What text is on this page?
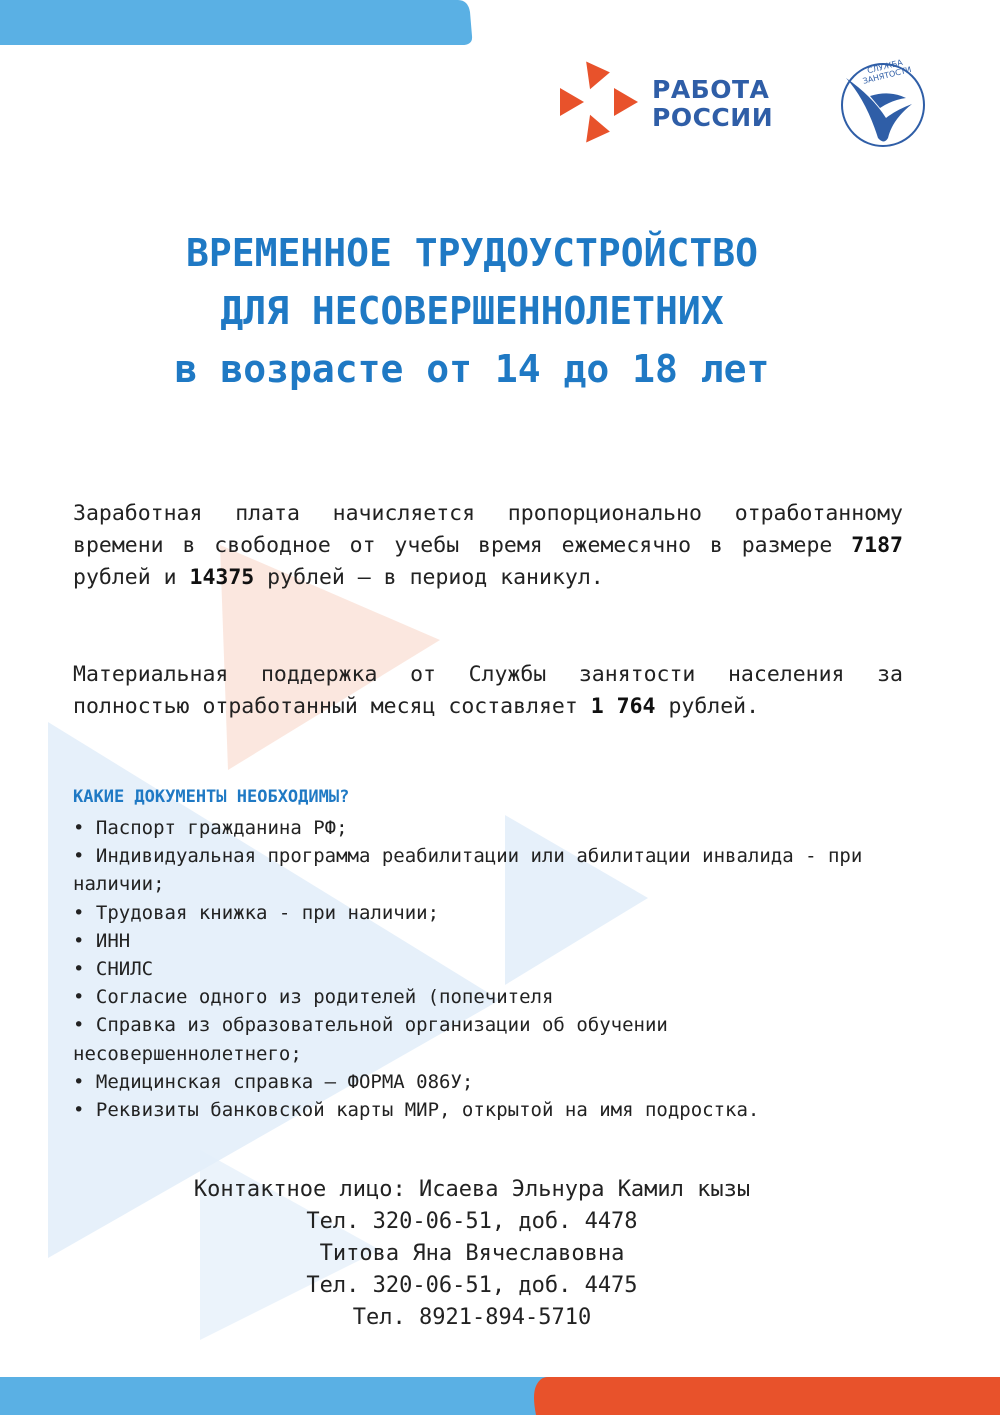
СЛУЖБА ЗАНЯТОСТИ
РАБОТА
РОССИИ
ВРЕМЕННОЕ ТРУДОУСТРОЙСТВО
ДЛЯ НЕСОВЕРШЕННОЛЕТНИХ
в возрасте от 14 до 18 лет
Заработная плата начисляется пропорционально отработанному времени в свободное от учебы время ежемесячно в размере 7187 рублей и 14375 рублей – в период каникул.
Материальная поддержка от Службы занятости населения за полностью отработанный месяц составляет 1 764 рублей.
КАКИЕ ДОКУМЕНТЫ НЕОБХОДИМЫ?
• Паспорт гражданина РФ;
• Индивидуальная программа реабилитации или абилитации инвалида - при наличии;
• Трудовая книжка - при наличии;
• ИНН
• СНИЛС
• Согласие одного из родителей (попечителя
• Справка из образовательной организации об обучении несовершеннолетнего;
• Медицинская справка – ФОРМА 086У;
• Реквизиты банковской карты МИР, открытой на имя подростка.
Контактное лицо: Исаева Эльнура Камил кызы
Тел. 320-06-51, доб. 4478
Титова Яна Вячеславовна
Тел. 320-06-51, доб. 4475
Тел. 8921-894-5710
